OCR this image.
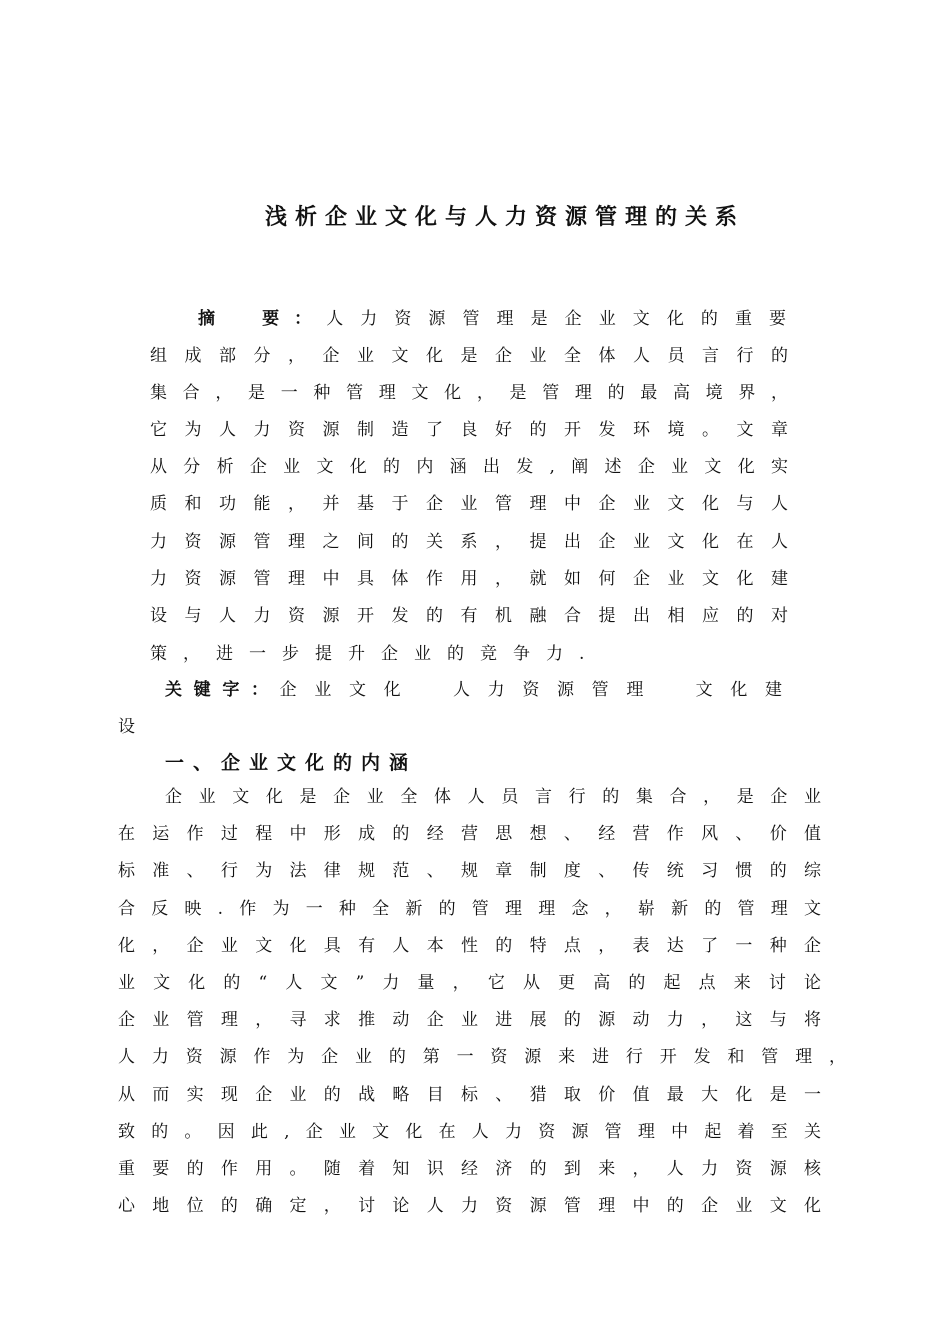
浅析企业文化与人力资源管理的关系
摘　要：人力资源管理是企业文化的重要
组成部分，企业文化是企业全体人员言行的
集合，是一种管理文化，是管理的最高境界，
它为人力资源制造了良好的开发环境。文章
从分析企业文化的内涵出发,阐述企业文化实
质和功能，并基于企业管理中企业文化与人
力资源管理之间的关系，提出企业文化在人
力资源管理中具体作用，就如何企业文化建
设与人力资源开发的有机融合提出相应的对
策，进一步提升企业的竞争力.
关键字：企业文化　人力资源管理　文化建
设
一、企业文化的内涵
企业文化是企业全体人员言行的集合，是企业
在运作过程中形成的经营思想、经营作风、价值
标准、行为法律规范、规章制度、传统习惯的综
合反映.作为一种全新的管理理念，崭新的管理文
化，企业文化具有人本性的特点，表达了一种企
业文化的“人文”力量，它从更高的起点来讨论
企业管理，寻求推动企业进展的源动力，这与将
人力资源作为企业的第一资源来进行开发和管理，
从而实现企业的战略目标、猎取价值最大化是一
致的。因此,企业文化在人力资源管理中起着至关
重要的作用。随着知识经济的到来，人力资源核
心地位的确定，讨论人力资源管理中的企业文化
